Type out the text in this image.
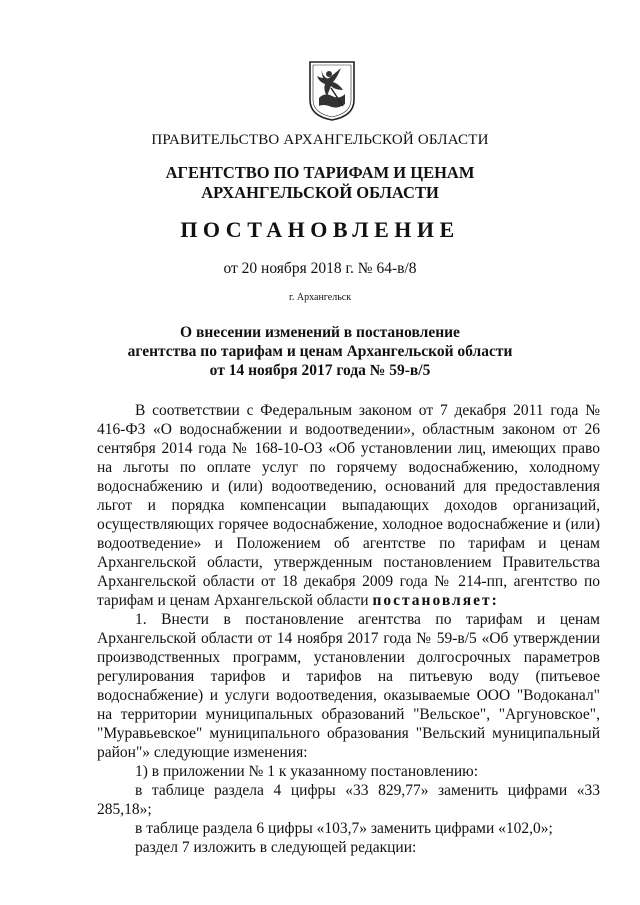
ПРАВИТЕЛЬСТВО АРХАНГЕЛЬСКОЙ ОБЛАСТИ
АГЕНТСТВО ПО ТАРИФАМ И ЦЕНАМ
АРХАНГЕЛЬСКОЙ ОБЛАСТИ
ПОСТАНОВЛЕНИЕ
от 20 ноября 2018 г. № 64-в/8
г. Архангельск
О внесении изменений в постановление
агентства по тарифам и ценам Архангельской области
от 14 ноября 2017 года № 59-в/5

В соответствии с Федеральным законом от 7 декабря 2011 года № 416-ФЗ «О водоснабжении и водоотведении», областным законом от 26 сентября 2014 года № 168-10-ОЗ «Об установлении лиц, имеющих право на льготы по оплате услуг по горячему водоснабжению, холодному водоснабжению и (или) водоотведению, оснований для предоставления льгот и порядка компенсации выпадающих доходов организаций, осуществляющих горячее водоснабжение, холодное водоснабжение и (или) водоотведение» и Положением об агентстве по тарифам и ценам Архангельской области, утвержденным постановлением Правительства Архангельской области от 18 декабря 2009 года № 214-пп, агентство по тарифам и ценам Архангельской области постановляет:

1. Внести в постановление агентства по тарифам и ценам Архангельской области от 14 ноября 2017 года № 59-в/5 «Об утверждении производственных программ, установлении долгосрочных параметров регулирования тарифов и тарифов на питьевую воду (питьевое водоснабжение) и услуги водоотведения, оказываемые ООО "Водоканал" на территории муниципальных образований "Вельское", "Аргуновское", "Муравьевское" муниципального образования "Вельский муниципальный район"» следующие изменения:

1) в приложении № 1 к указанному постановлению:

в таблице раздела 4 цифры «33 829,77» заменить цифрами «33 285,18»;

в таблице раздела 6 цифры «103,7» заменить цифрами «102,0»;

раздел 7 изложить в следующей редакции:
